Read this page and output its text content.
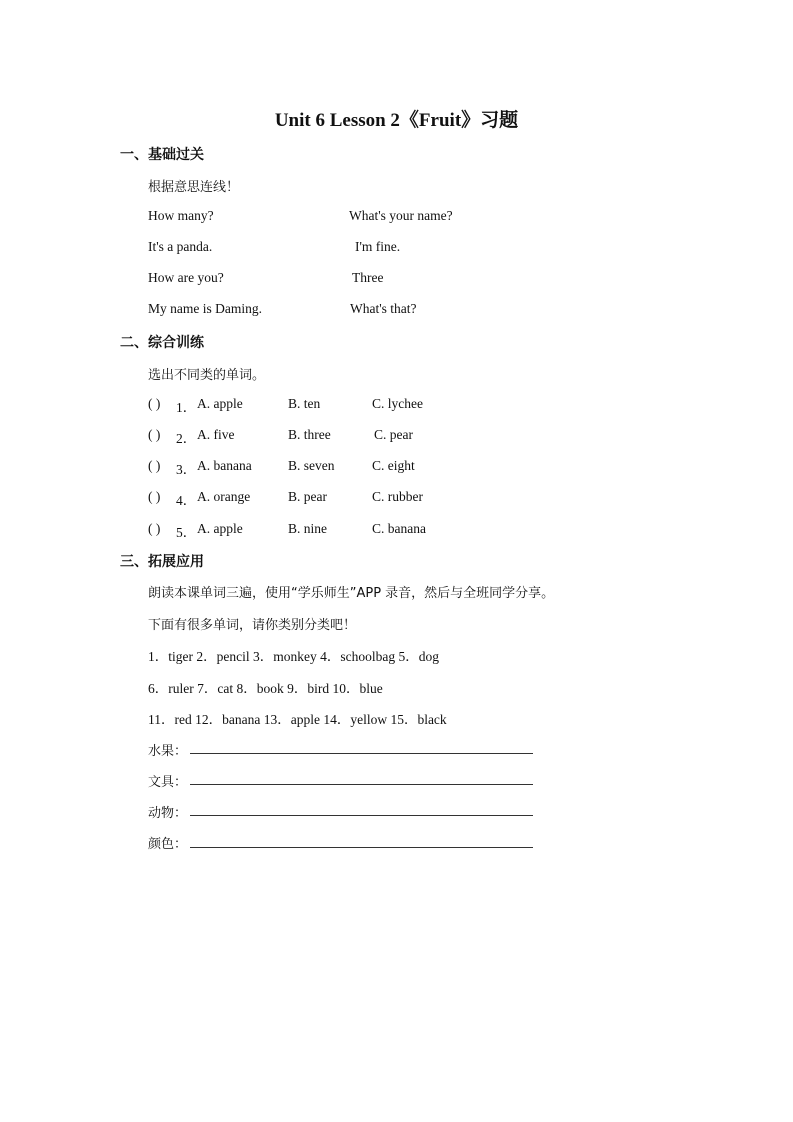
Unit 6 Lesson 2《Fruit》习题
一、基础过关
根据意思连线！
How many?	What's your name?
It's a panda.	I'm fine.
How are you?	Three
My name is Daming.	What's that?
二、综合训练
选出不同类的单词。
( ) 1． A. apple	B. ten	C. lychee
( ) 2． A. five	B. three	C. pear
( ) 3． A. banana	B. seven	C. eight
( ) 4． A. orange	B. pear	C. rubber
( ) 5． A. apple	B. nine	C. banana
三、拓展应用
朗读本课单词三遍，使用“学乐师生”APP 录音，然后与全班同学分享。
下面有很多单词，请你类别分类吧！
1．tiger 2．pencil 3．monkey 4．schoolbag 5．dog
6．ruler 7．cat 8．book 9．bird 10．blue
11．red 12．banana 13．apple 14．yellow 15．black
水果：
文具：
动物：
颜色：
